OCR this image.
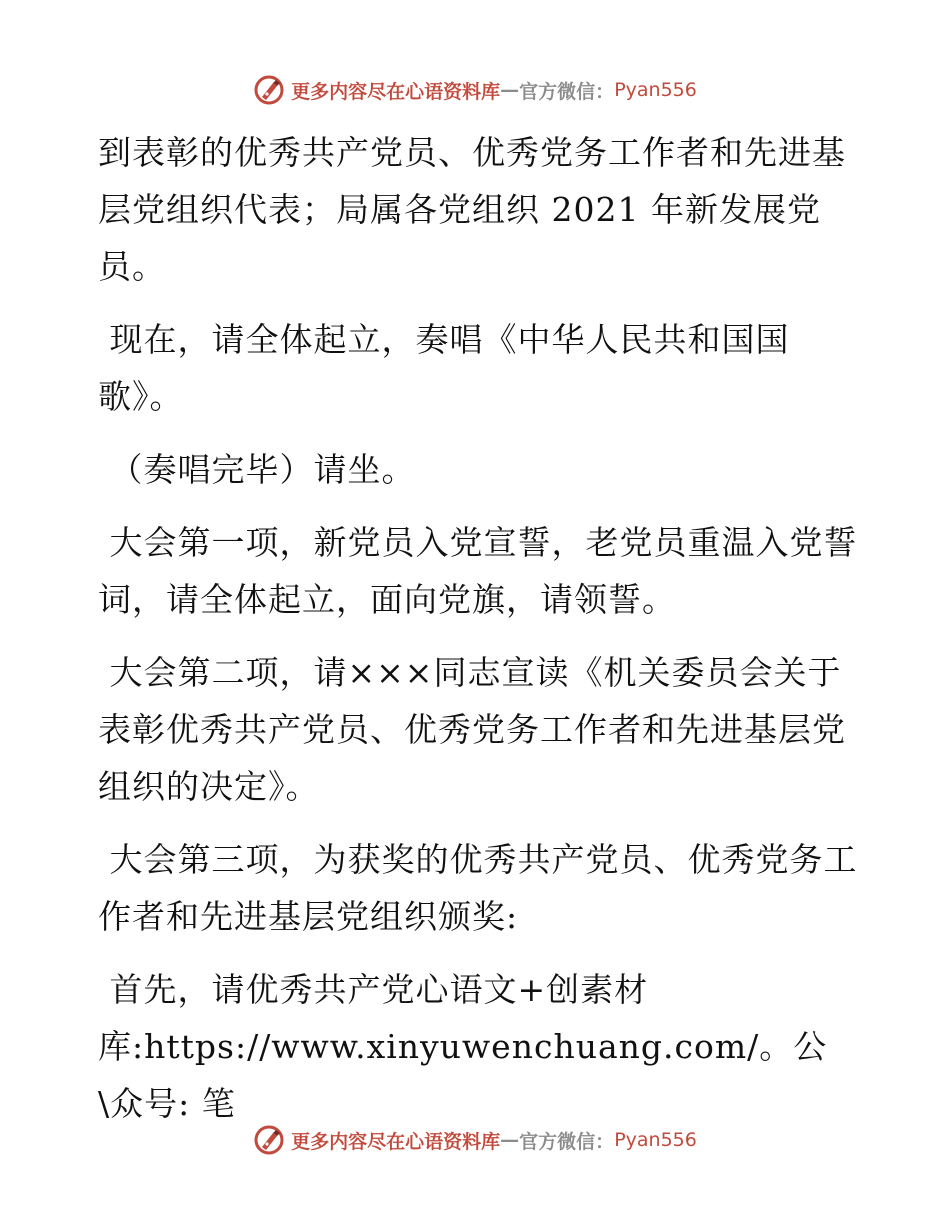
更多内容尽在心语资料库 — 官方微信： Pyan556

到表彰的优秀共产党员、优秀党务工作者和先进基层党组织代表；局属各党组织 2021 年新发展党员。

现在，请全体起立，奏唱《中华人民共和国国歌》。

（奏唱完毕）请坐。

大会第一项，新党员入党宣誓，老党员重温入党誓词，请全体起立，面向党旗，请领誓。

大会第二项，请×××同志宣读《机关委员会关于表彰优秀共产党员、优秀党务工作者和先进基层党组织的决定》。

大会第三项，为获奖的优秀共产党员、优秀党务工作者和先进基层党组织颁奖:

首先，请优秀共产党心语文+创素材库:https://www.xinyuwenchuang.com/。公\众号: 笔

更多内容尽在心语资料库 — 官方微信： Pyan556
